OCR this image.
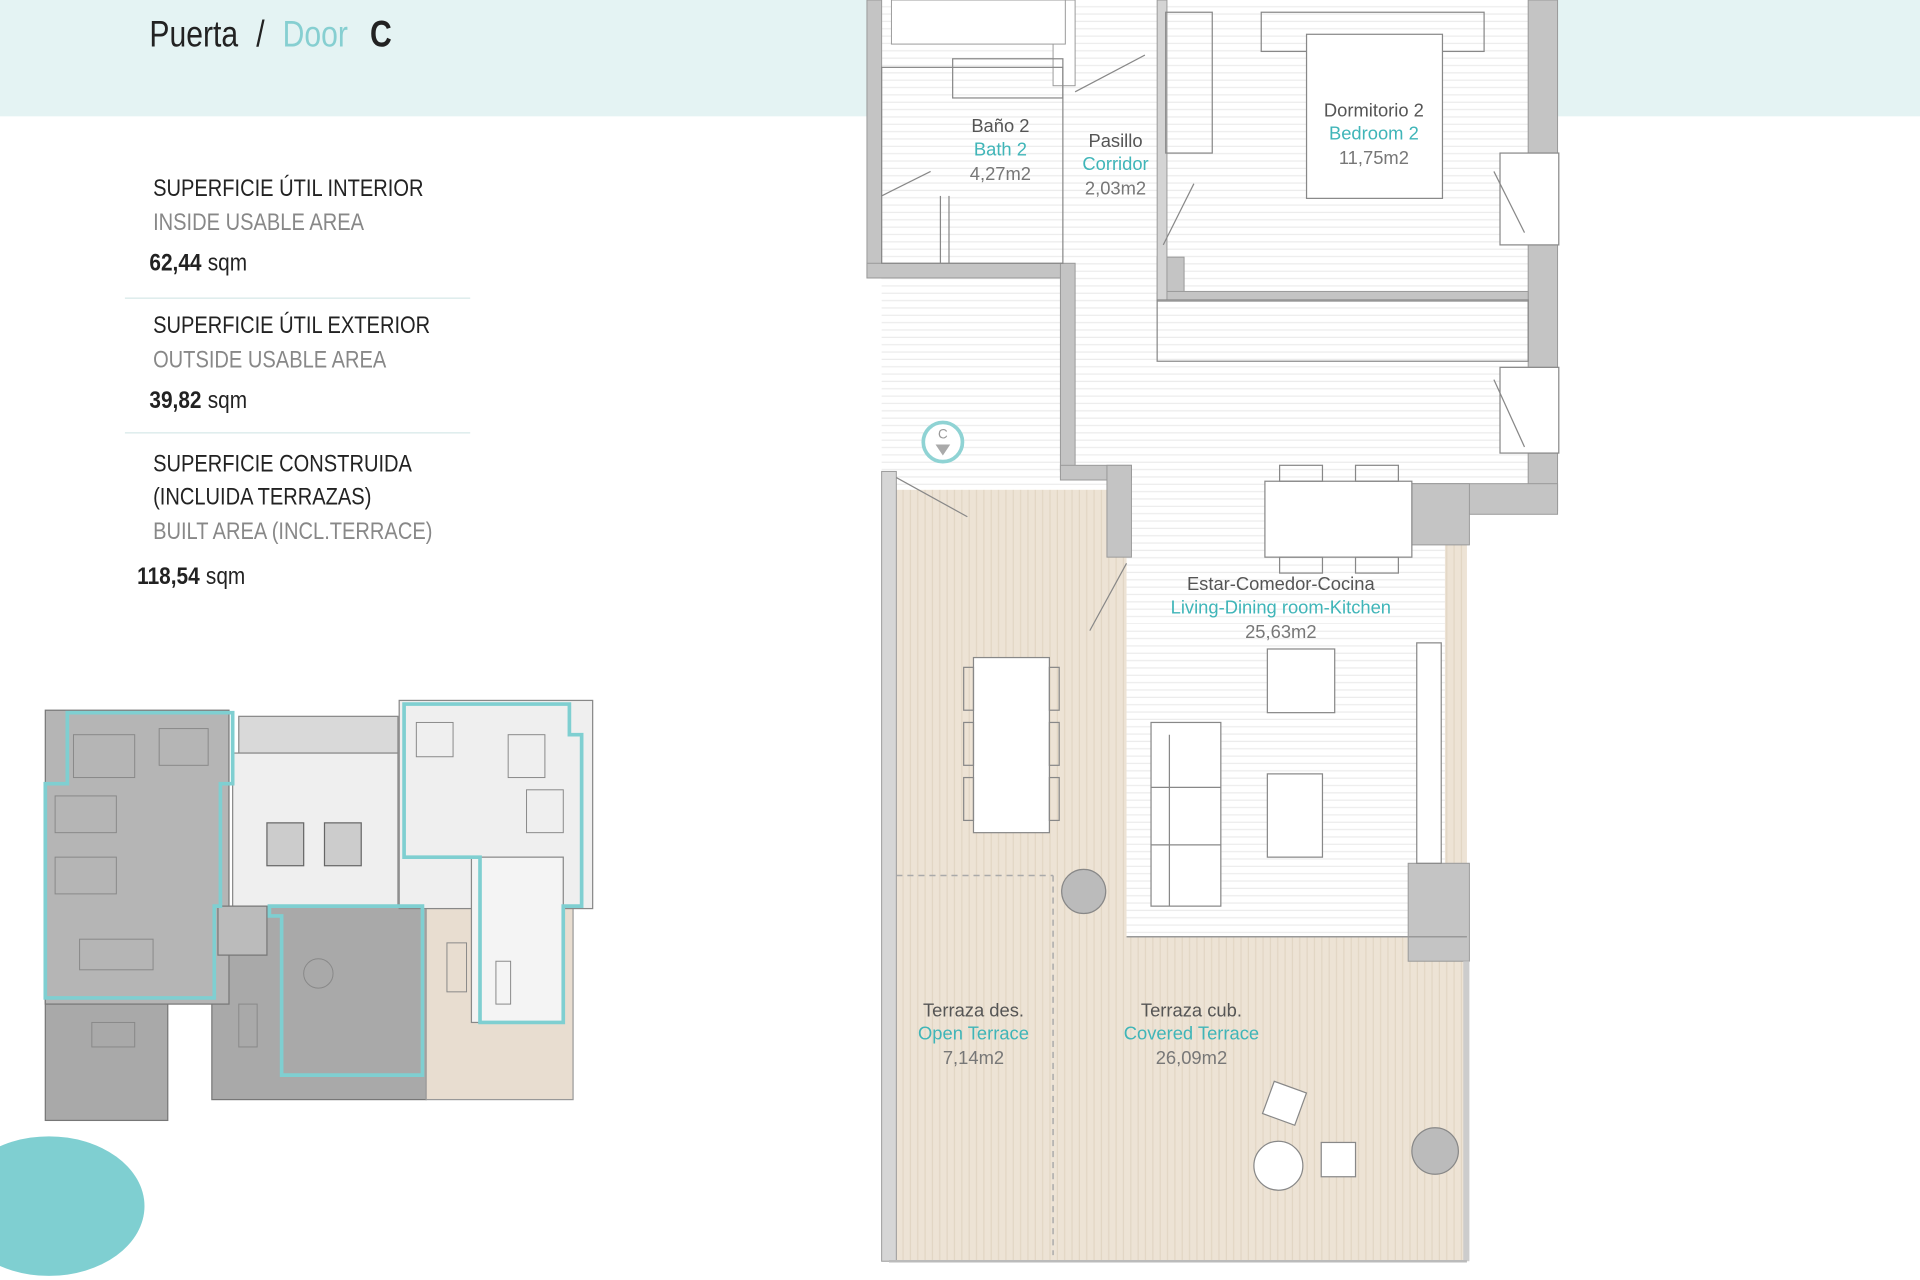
Puerta / Door C
SUPERFICIE ÚTIL INTERIOR
INSIDE USABLE AREA
62,44 sqm
SUPERFICIE ÚTIL EXTERIOR
OUTSIDE USABLE AREA
39,82 sqm
SUPERFICIE CONSTRUIDA
(INCLUIDA TERRAZAS)
BUILT AREA (INCL.TERRACE)
118,54 sqm
Baño 2
Bath 2
4,27m2
Pasillo
Corridor
2,03m2
Dormitorio 2
Bedroom 2
11,75m2
Estar-Comedor-Cocina
Living-Dining room-Kitchen
25,63m2
Terraza des.
Open Terrace
7,14m2
Terraza cub.
Covered Terrace
26,09m2
C
